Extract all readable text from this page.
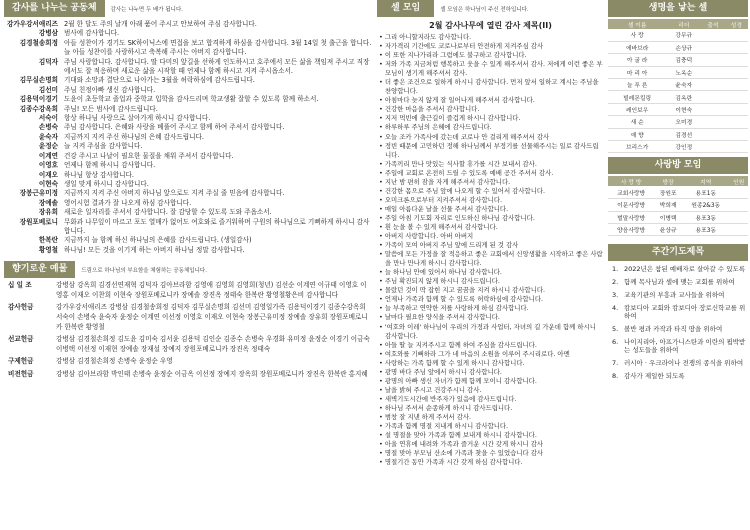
감사를 나누는 공동체	감사는 나누면 두 배가 됩니다.
강가우강서애리즈 2월 한 달도 주의 날개 아래 품어 주시고 안보하여 주심 감사합니다.
강병삼 범사에 감사합니다.
김경철송희정 아들 성찬이가 경기도 SK하이닉스에 면접을 보고 합격하게 하심을 감사합니다. 3월 14일 첫 출근을 합니다. 늘 아들 성찬이를 사랑하시고 축복해 주시는 아버지 감사합니다.
김덕자 주님 사랑합니다. 감사합니다. 딸 다미의 앞길을 선하게 인도하시고 호주에서 모든 삶을 책임져 주시고 직장에서도 잘 적응하며 새로운 삶을 시작할 때 언제나 함께 하시고 지켜 주시옵소서.
김무실손명희 기대와 소망과 결단으로 나아가는 3월을 허락하심에 감사드립니다.
김선미 주님 친정아빠 생신 감사합니다.
김용덕이경기 도윤이 초등학교 졸업과 중학교 입학을 감사드리며 학교생활 잘할 수 있도록 함께 하소서.
김종수강옥희 주님! 모든 범사에 감사드립니다.
서숙이 항상 하나님 사랑으로 살아가게 하시니 감사합니다.
손병숙 주님 감사합니다. 은혜와 사랑을 베풀어 주시고 함께 하여 주셔서 감사합니다.
윤숙자 지금까지 지켜 주신 하나님의 은혜 감사드립니다.
윤정순 늘 지켜 주심을 감사합니다.
이계연 건강 주시고 나날이 필요한 물질을 채워 주셔서 감사합니다.
이영호 언제나 함께 하시니 감사합니다.
이재오 하나님 항상 감사합니다.
이현숙 생일 맞게 하시니 감사합니다.
장봉근유미정 지금까지 지켜 주신 아버지 하나님 앞으로도 지켜 주실 줄 믿음에 감사합니다.
장예솔 영어시험 결과가 잘 나오게 하심 감사합니다.
장유희 새로운 일자리를 주셔서 감사합니다. 잘 감당할 수 있도록 도와 주옵소서.
장원포베로니 무화과 나무잎이 마르고 포도 열매가 없어도 여호와로 즐거워하며 구원의 하나님으로 기뻐하게 하시니 감사합니다.
한복란 지금까지 늘 함께 하신 하나님의 은혜를 감사드립니다. (생일감사)
황영철 하나님! 모든 것을 이기게 하는 아버지 하나님 정말 감사합니다.
향기로운 예물	드림으로 하나님의 부요함을 체험하는 공동체입니다.
십 일 조	강병삼 강옥희 김경선연재혁 김덕자 김아브라함 김영애 김영희 김영희(청년) 김선순 이계연 이규태 이영호 이영홍 이재오 이찬희 이현숙 장원포베로니카 장예솔 장진옥 정태숙 한복란 황영철황은비 감사합니다
감사헌금	강가우강서애리즈 강병삼 김경철송희정 김덕자 김무실손명희 김선미 김영일가족 김용덕이경기 김종수강옥희 서숙이 손병숙 윤숙자 윤정순 이계연 이선정 이영호 이재오 이현숙 장봉근유미정 장예솔 장유희 장원포베로니카 한복란 황영철
선교헌금	강병삼 김경철손희정 김도윤 김미숙 김서윤 김용덕 김인순 김종수 손병숙 우경화 유미정 윤정순 이경기 이금숙 이병택 이선정 이재현 장예솔 장재설 장예지 장원포베로니카 장진옥 정태숙
구제헌금	강병삼 김경철손희정 손병숙 윤정순 우영
비전헌금	강병삼 김아브라함 박인태 손병숙 윤정순 이금옥 이선정 장예지 장옥희 장원포베로니카 장진옥 한복란 홍지혜
셀 모임	셀 모임은 하나님이 주신 전하입니다.
2월 감사나무에 열린 감사 제목(II)
• 그리 아니할지라도 감사합니다.
• 자가격리 기간에도 코로나로부터 안전하게 지켜주심 감사
• 이 또한 지나가리라 그럼에도 불구하고 감사합니다.
• 저와 가족 지금처럼 행복하고 웃을 수 있게 해주셔서 감사. 저에게 이런 좋은 부모님이 생기게 해주셔서 감사.
• 더 좋은 조건으로 일하게 하시니 감사합니다. 먼저 앞서 일하고 계시는 주님을 찬양합니다.
• 아침마다 늦지 않게 잘 일어나게 해주셔서 감사합니다.
• 건강한 마음을 주셔서 감사합니다.
• 지저 먹빈에 출근길이 즐겁게 하시니 감사합니다.
• 하루하루 주님의 은혜에 감사드립니다.
• 오늘 조카 가족사에 갔는데 코로나 안 걸리게 해주셔서 감사
• 정빈 때문에 고민하던 정해 하나님께서 부정기를 선물해주시는 일로 감사드립니다.
• 가족끼리 만나 맛있는 식사할 휴가를 시간 보내서 감사.
• 주일에 교회로 온전히 드릴 수 있도록 예배 공간 주셔서 감사.
• 지난 밤 편히 잠을 자게 해주셔서 감사합니다.
• 건강한 몸으로 주님 앞에 나오게 할 수 있어서 감사합니다.
• 오미크론으로부터 지켜주셔서 감사합니다.
• 매일 아름다운 날을 선물 주셔서 감사합니다.
• 주일 아침 기도회 자리로 인도하신 하나님 감사합니다.
• 흰 눈을 볼 수 있게 해주셔서 감사합니다.
• 아버지 사랑합니다. 아버 아버지
• 가족이 모여 아버지 주님 앞에 드리게 된 것 감사
• 말씀에 모든 가정을 잘 적응하고 좋은 교회에서 신앙생활을 시작하고 좋은 사람을 만나 만나게 하시니 감사합니다.
• 늘 하나님 안에 있어서 하나님 감사합니다.
• 주님 확진되지 않게 하시니 감사드립니다.
• 몰랐던 것이 딱 잡힌 지고 꿈꿈을 지켜 하시니 감사합니다.
• 언제나 가족과 함께 할 수 있도록 허락하심에 감사합니다.
• 늘 부족하고 연약한 저를 사랑하게 하심 감사합니다.
• 날마다 필요한 양식을 주셔서 감사합니다.
• '여호와 이레' 하나님이 우리의 가정과 사업터, 자녀의 길 가운데 함께 하시니 감사합니다.
• 아들 딸 늘 지켜주시고 함께 하여 주심을 감사드립니다.
• 여호와를 기뻐하라 그가 네 마음의 소원을 이루어 주시리로다. 아멘
• 사랑하는 가족 함께 할 수 있게 하시니 감사합니다.
• 광명 바다 주님 앞에서 하시니 감사합니다.
• 광명의 아빠 생신 자녀가 함께 함께 모이니 감사합니다.
• 날을 밝혀 주시고 건강주시니 감사.
• 새벽기도시간에 반주자가 있음에 감사드립니다.
• 하나님 주셔서 순종하게 하시니 감사드립니다.
• 범창 잘 지낸 하게 주셔서 감사.
• 가족과 함께 명절 지내게 하시니 감사합니다.
• 설 명절을 맞아 가족과 함께 보내게 하시니 감사합니다.
• 아울 연휴에 내려와 가족과 즐거운 시간 갖게 하시니 감사
• 명절 맞아 부모님 산소에 가족과 찾을 수 있었습니다 감사
• 명절기간 동안 가족과 시간 갖게 하심 감사합니다.
생명을 낳는 셀
셀 이름	리더	출석	성경
사 랑	강무규		
에바브라	손상규		
아 굴 라	김충덕		
마 리 아	노옥순		
늘 푸 른	윤숙자		
빌레몬킬링	김옥란		
레인보우	이현숙		
새 순	오미경		
예 향	김경선		
브리스가	강인정		
사랑방 모임
사 랑 방	방장	지역	인원
교회사랑방	장원포	용포1동	
이문사랑방	박희재	원종2&3동	
벌말사랑방	이병택	용포3동	
양음사랑방	윤상규	용포3동	
주간기도제목
1. 2022년은 참된 예배자로 살아갈 수 있도록
2. 함께 목사님과 셀에 맺는 교회를 위하여
3. 교육기관의 부흥과 교사들을 위하여
4. 캄보디아 교회와 캄보디아 장로신학교를 위하여
5. 볼반 평과 카작과 타직 땅을 위하여
6. 나이지리아, 아프가니스탄과 이란의 핍박받는 성도들을 위하여
7. 러시아 · 우크라이나 전쟁의 종식을 위하여
8. 감사가 제일한 되도록
